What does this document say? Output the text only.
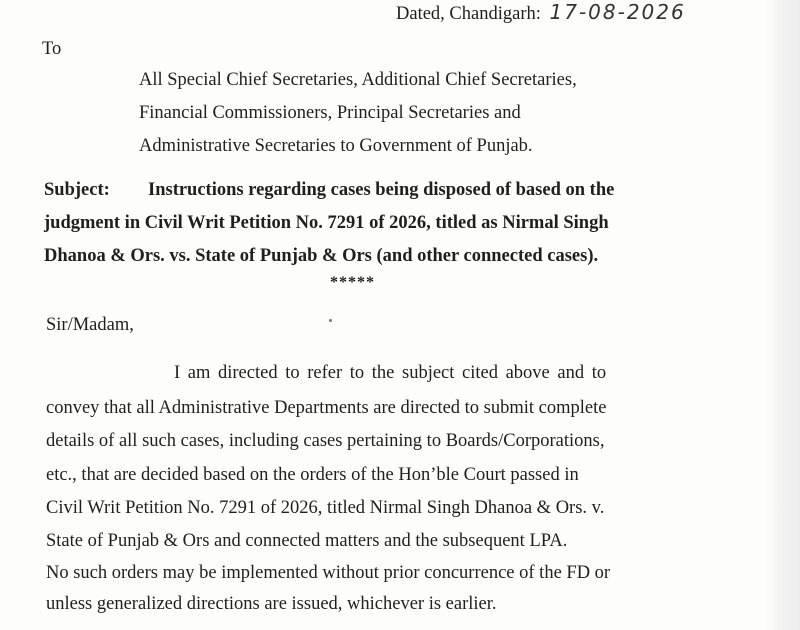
Dated, Chandigarh: 17-08-2026
To
All Special Chief Secretaries, Additional Chief Secretaries,
Financial Commissioners, Principal Secretaries and
Administrative Secretaries to Government of Punjab.
Subject: Instructions regarding cases being disposed of based on the
judgment in Civil Writ Petition No. 7291 of 2026, titled as Nirmal Singh
Dhanoa & Ors. vs. State of Punjab & Ors (and other connected cases).
*****
Sir/Madam,
I am directed to refer to the subject cited above and to
convey that all Administrative Departments are directed to submit complete
details of all such cases, including cases pertaining to Boards/Corporations,
etc., that are decided based on the orders of the Hon’ble Court passed in
Civil Writ Petition No. 7291 of 2026, titled Nirmal Singh Dhanoa & Ors. v.
State of Punjab & Ors and connected matters and the subsequent LPA.
No such orders may be implemented without prior concurrence of the FD or
unless generalized directions are issued, whichever is earlier.
